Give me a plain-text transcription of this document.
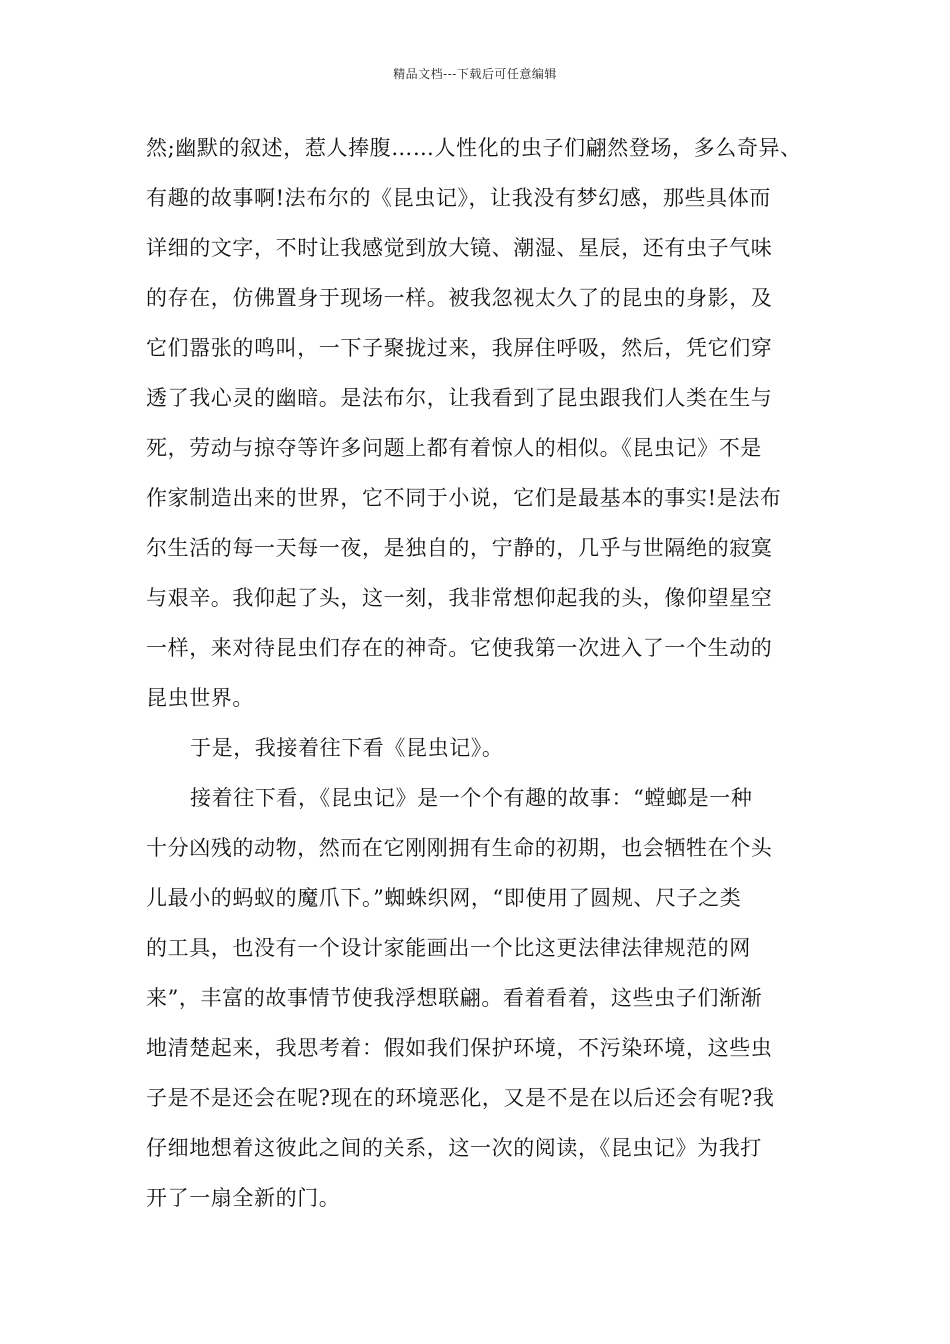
精品文档---下载后可任意编辑
然;幽默的叙述，惹人捧腹……人性化的虫子们翩然登场，多么奇异、
有趣的故事啊!法布尔的《昆虫记》，让我没有梦幻感，那些具体而
详细的文字，不时让我感觉到放大镜、潮湿、星辰，还有虫子气味
的存在，仿佛置身于现场一样。被我忽视太久了的昆虫的身影，及
它们嚣张的鸣叫，一下子聚拢过来，我屏住呼吸，然后，凭它们穿
透了我心灵的幽暗。是法布尔，让我看到了昆虫跟我们人类在生与
死，劳动与掠夺等许多问题上都有着惊人的相似。《昆虫记》不是
作家制造出来的世界，它不同于小说，它们是最基本的事实!是法布
尔生活的每一天每一夜，是独自的，宁静的，几乎与世隔绝的寂寞
与艰辛。我仰起了头，这一刻，我非常想仰起我的头，像仰望星空
一样，来对待昆虫们存在的神奇。它使我第一次进入了一个生动的
昆虫世界。
于是，我接着往下看《昆虫记》。
接着往下看，《昆虫记》是一个个有趣的故事：“螳螂是一种
十分凶残的动物，然而在它刚刚拥有生命的初期，也会牺牲在个头
儿最小的蚂蚁的魔爪下。”蜘蛛织网，“即使用了圆规、尺子之类
的工具，也没有一个设计家能画出一个比这更法律法律规范的网
来”，丰富的故事情节使我浮想联翩。看着看着，这些虫子们渐渐
地清楚起来，我思考着：假如我们保护环境，不污染环境，这些虫
子是不是还会在呢?现在的环境恶化，又是不是在以后还会有呢?我
仔细地想着这彼此之间的关系，这一次的阅读，《昆虫记》为我打
开了一扇全新的门。
